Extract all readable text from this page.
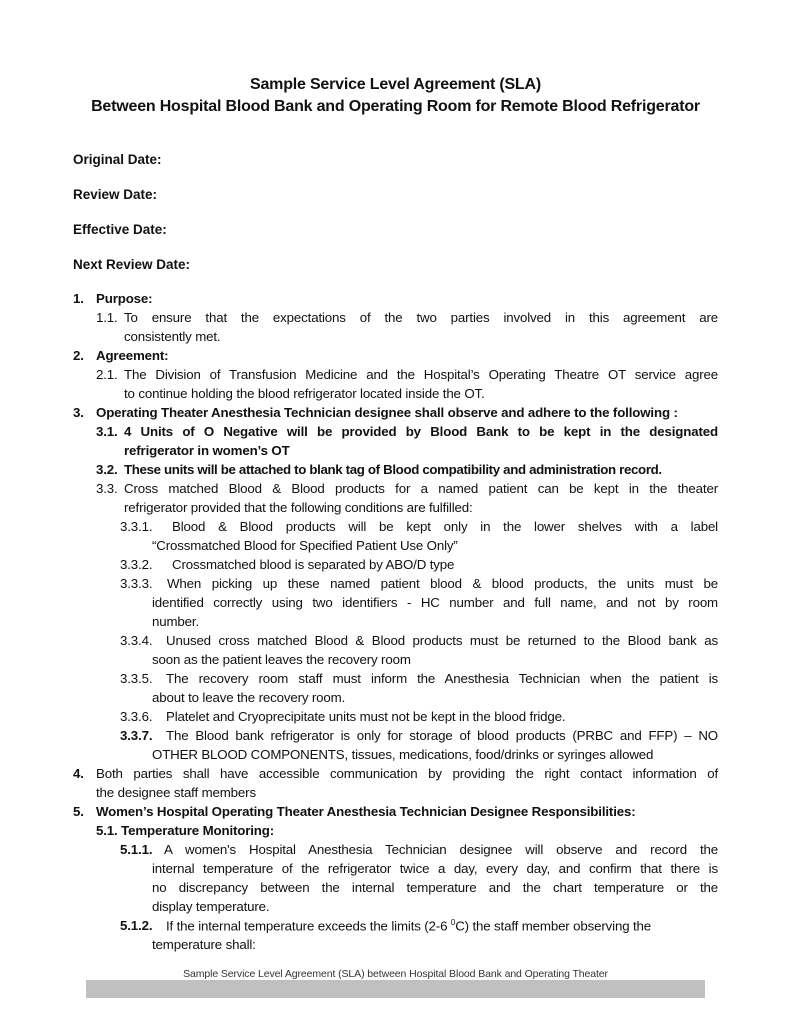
Sample Service Level Agreement (SLA)
Between Hospital Blood Bank and Operating Room for Remote Blood Refrigerator
Original Date:
Review Date:
Effective Date:
Next Review Date:
1. Purpose:
1.1. To ensure that the expectations of the two parties involved in this agreement are
consistently met.
2. Agreement:
2.1. The Division of Transfusion Medicine and the Hospital’s Operating Theatre OT service agree
to continue holding the blood refrigerator located inside the OT.
3. Operating Theater Anesthesia Technician designee shall observe and adhere to the following :
3.1. 4 Units of O Negative will be provided by Blood Bank to be kept in the designated
refrigerator in women’s OT
3.2. These units will be attached to blank tag of Blood compatibility and administration record.
3.3. Cross matched Blood & Blood products for a named patient can be kept in the theater
refrigerator provided that the following conditions are fulfilled:
3.3.1. Blood & Blood products will be kept only in the lower shelves with a label
“Crossmatched Blood for Specified Patient Use Only”
3.3.2. Crossmatched blood is separated by ABO/D type
3.3.3. When picking up these named patient blood & blood products, the units must be
identified correctly using two identifiers - HC number and full name, and not by room
number.
3.3.4. Unused cross matched Blood & Blood products must be returned to the Blood bank as
soon as the patient leaves the recovery room
3.3.5. The recovery room staff must inform the Anesthesia Technician when the patient is
about to leave the recovery room.
3.3.6. Platelet and Cryoprecipitate units must not be kept in the blood fridge.
3.3.7. The Blood bank refrigerator is only for storage of blood products (PRBC and FFP) – NO
OTHER BLOOD COMPONENTS, tissues, medications, food/drinks or syringes allowed
4. Both parties shall have accessible communication by providing the right contact information of
the designee staff members
5. Women’s Hospital Operating Theater Anesthesia Technician Designee Responsibilities:
5.1. Temperature Monitoring:
5.1.1. A women's Hospital Anesthesia Technician designee will observe and record the
internal temperature of the refrigerator twice a day, every day, and confirm that there is
no discrepancy between the internal temperature and the chart temperature or the
display temperature.
5.1.2. If the internal temperature exceeds the limits (2-6 $^0$C) the staff member observing the
temperature shall:
Sample Service Level Agreement (SLA) between Hospital Blood Bank and Operating Theater
